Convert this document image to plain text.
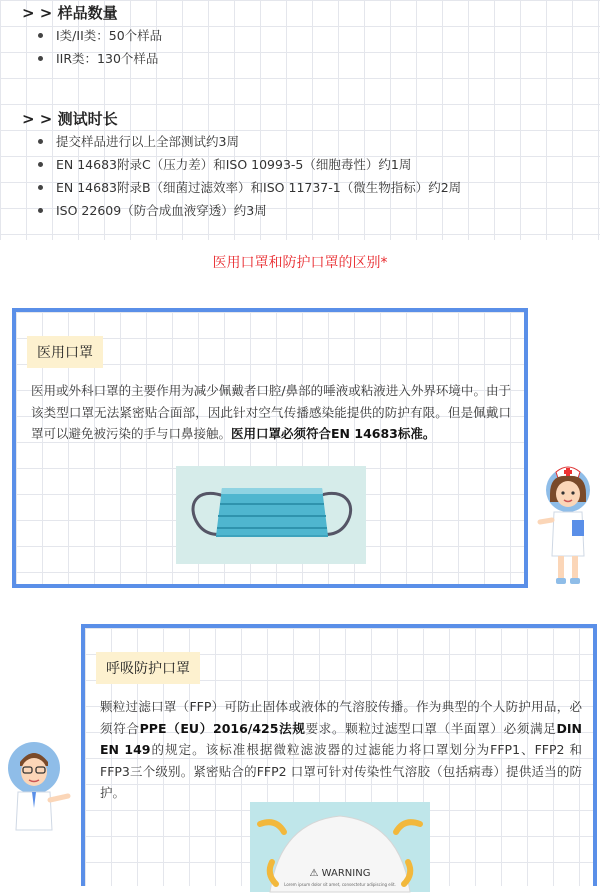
> > 样品数量
I类/II类：50个样品
IIR类：130个样品
> > 测试时长
提交样品进行以上全部测试约3周
EN 14683附录C（压力差）和ISO 10993-5（细胞毒性）约1周
EN 14683附录B（细菌过滤效率）和ISO 11737-1（微生物指标）约2周
ISO 22609（防合成血液穿透）约3周
医用口罩和防护口罩的区别*
医用口罩
医用或外科口罩的主要作用为减少佩戴者口腔/鼻部的唾液或粘液进入外界环境中。由于该类型口罩无法紧密贴合面部，因此针对空气传播感染能提供的防护有限。但是佩戴口罩可以避免被污染的手与口鼻接触。医用口罩必须符合EN 14683标准。
呼吸防护口罩
颗粒过滤口罩（FFP）可防止固体或液体的气溶胶传播。作为典型的个人防护用品，必须符合PPE（EU）2016/425法规要求。颗粒过滤型口罩（半面罩）必须满足DIN EN 149的规定。该标准根据微粒滤波器的过滤能力将口罩划分为FFP1、FFP2 和 FFP3三个级别。紧密贴合的FFP2 口罩可针对传染性气溶胶（包括病毒）提供适当的防护。
⚠ WARNING
Lorem ipsum dolor sit amet, consectetur adipiscing elit.
